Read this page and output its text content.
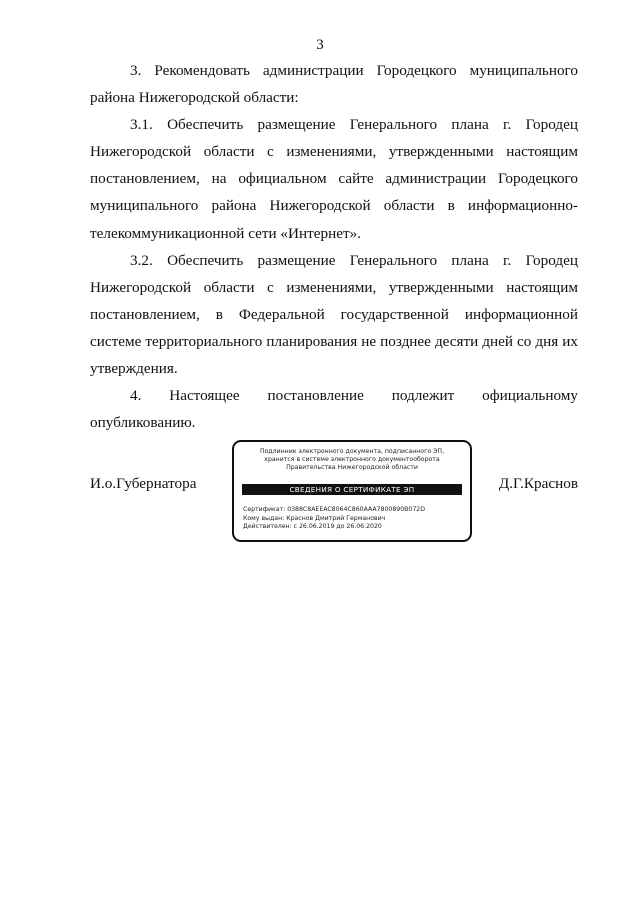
3

3. Рекомендовать администрации Городецкого муниципального района Нижегородской области:

3.1. Обеспечить размещение Генерального плана г. Городец Нижегородской области с изменениями, утвержденными настоящим постановлением, на официальном сайте администрации Городецкого муниципального района Нижегородской области в информационно-телекоммуникационной сети «Интернет».

3.2. Обеспечить размещение Генерального плана г. Городец Нижегородской области с изменениями, утвержденными настоящим постановлением, в Федеральной государственной информационной системе территориального планирования не позднее десяти дней со дня их утверждения.

4. Настоящее постановление подлежит официальному

опубликованию.

И.о.Губернатора
Подлинник электронного документа, подписанного ЭП,
хранится в системе электронного документооборота
Правительства Нижегородской области
СВЕДЕНИЯ О СЕРТИФИКАТЕ ЭП
Сертификат: 0388C8AEEAC8064C860AAA7800890B072D
Кому выдан: Краснов Дмитрий Германович
Действителен: с 26.06.2019 до 26.06.2020
Д.Г.Краснов
